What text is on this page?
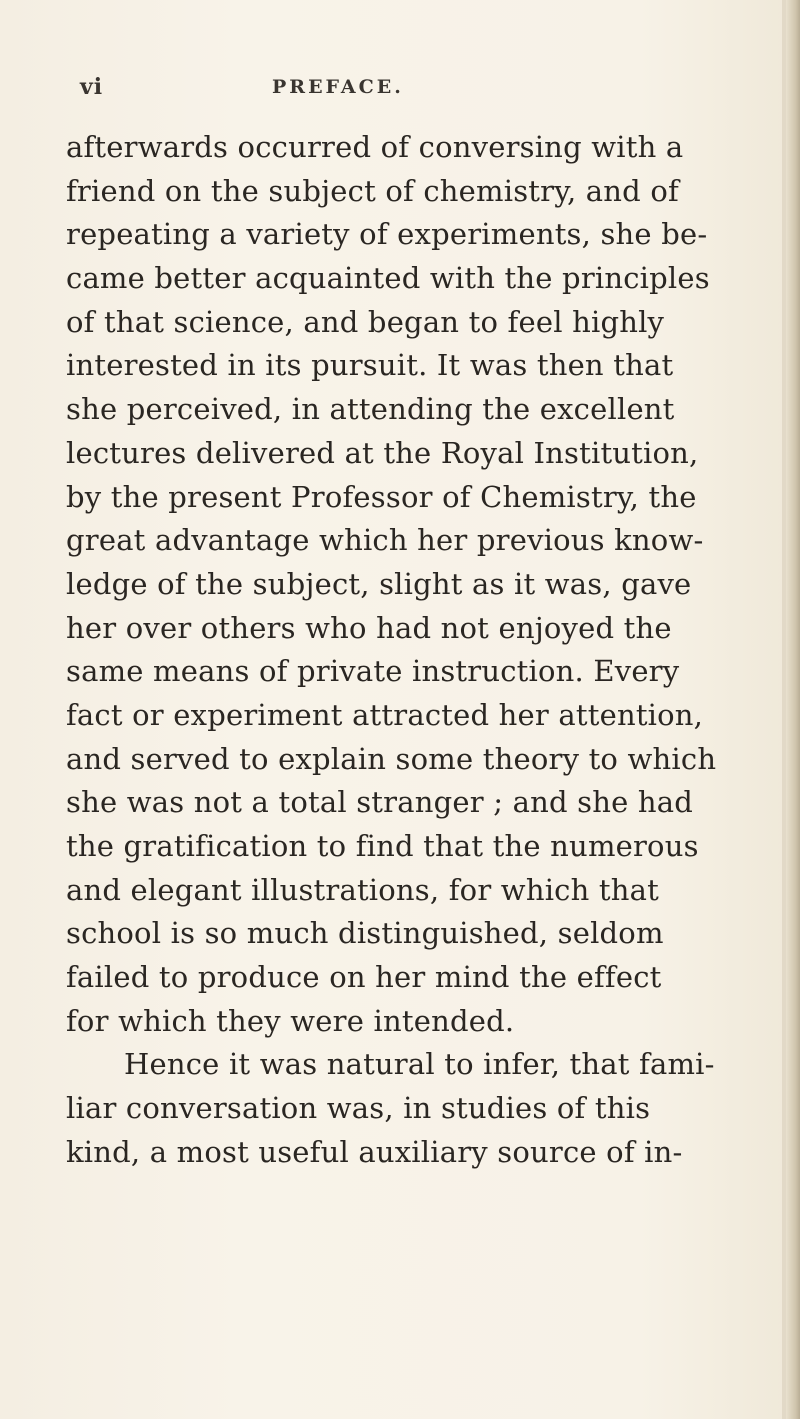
vi	PREFACE.
afterwards occurred of conversing with a
friend on the subject of chemistry, and of
repeating a variety of experiments, she be-
came better acquainted with the principles
of that science, and began to feel highly
interested in its pursuit. It was then that
she perceived, in attending the excellent
lectures delivered at the Royal Institution,
by the present Professor of Chemistry, the
great advantage which her previous know-
ledge of the subject, slight as it was, gave
her over others who had not enjoyed the
same means of private instruction. Every
fact or experiment attracted her attention,
and served to explain some theory to which
she was not a total stranger ; and she had
the gratification to find that the numerous
and elegant illustrations, for which that
school is so much distinguished, seldom
failed to produce on her mind the effect
for which they were intended.
Hence it was natural to infer, that fami-
liar conversation was, in studies of this
kind, a most useful auxiliary source of in-
